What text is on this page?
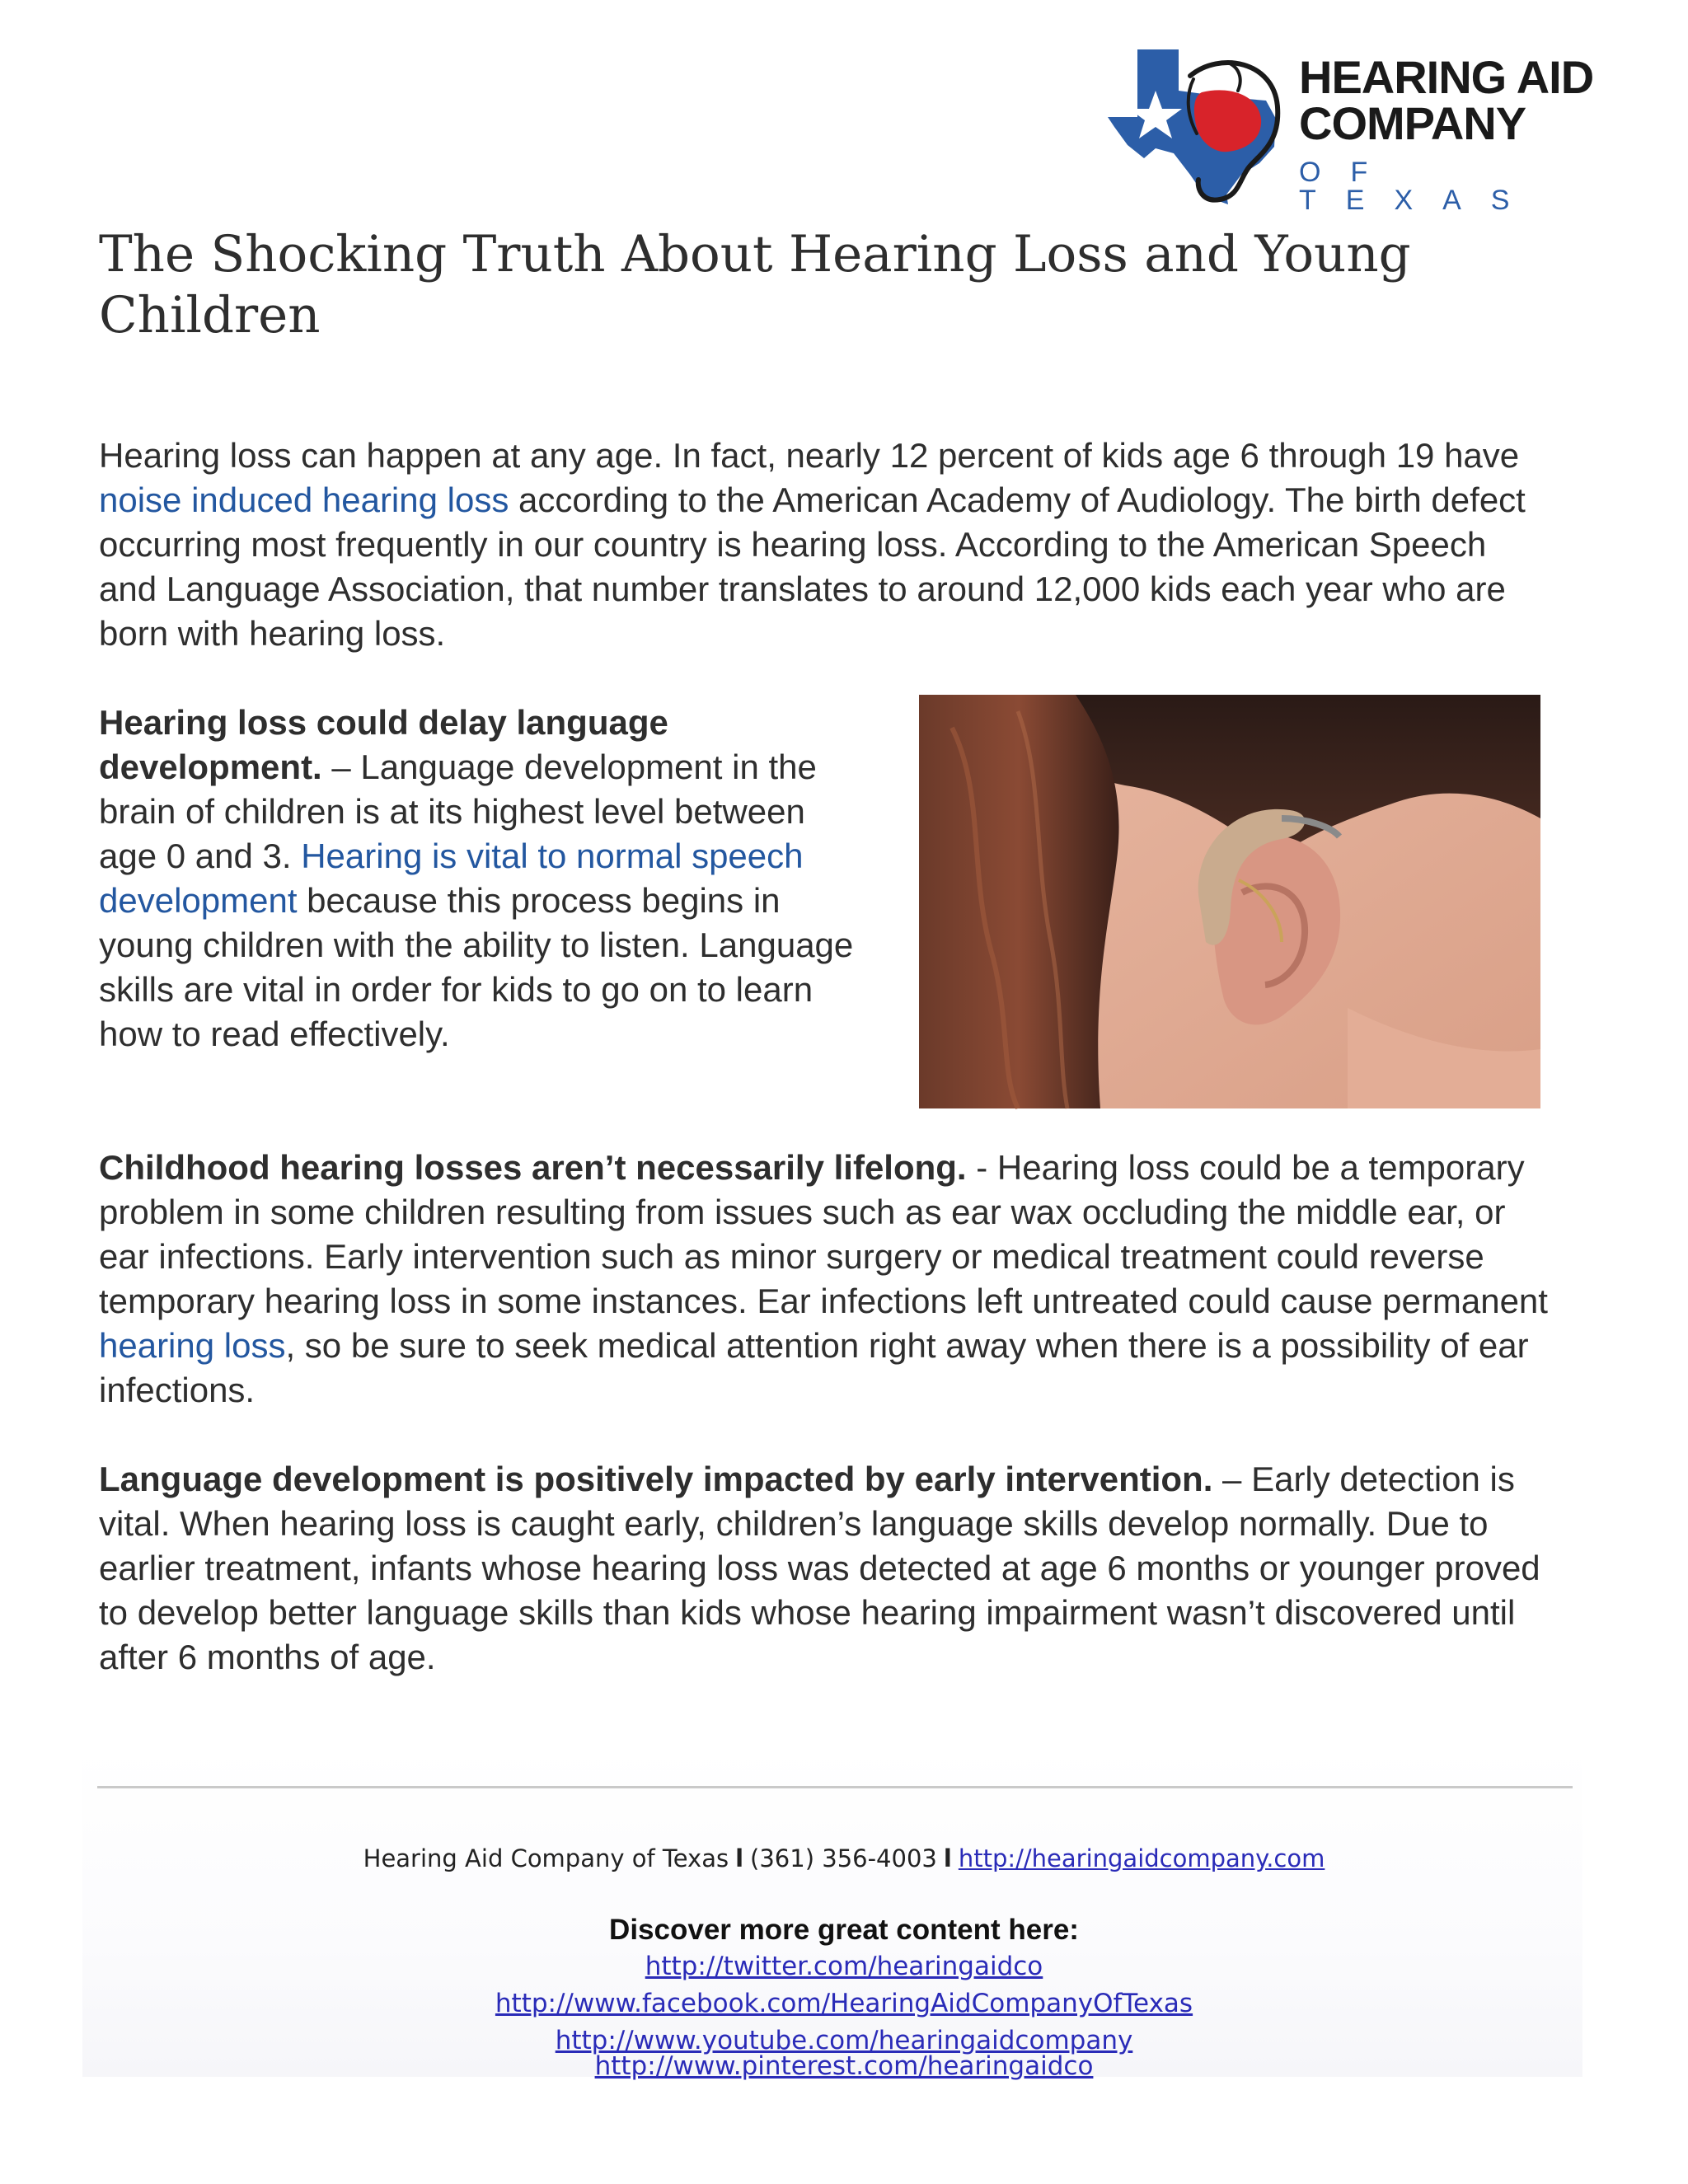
HEARING AID
COMPANY
OF TEXAS
The Shocking Truth About Hearing Loss and Young Children

Hearing loss can happen at any age. In fact, nearly 12 percent of kids age 6 through 19 have noise induced hearing loss according to the American Academy of Audiology. The birth defect occurring most frequently in our country is hearing loss. According to the American Speech and Language Association, that number translates to around 12,000 kids each year who are born with hearing loss.

Hearing loss could delay language development. – Language development in the brain of children is at its highest level between age 0 and 3. Hearing is vital to normal speech development because this process begins in young children with the ability to listen. Language skills are vital in order for kids to go on to learn how to read effectively.

Childhood hearing losses aren’t necessarily lifelong. - Hearing loss could be a temporary problem in some children resulting from issues such as ear wax occluding the middle ear, or ear infections. Early intervention such as minor surgery or medical treatment could reverse temporary hearing loss in some instances. Ear infections left untreated could cause permanent hearing loss, so be sure to seek medical attention right away when there is a possibility of ear infections.

Language development is positively impacted by early intervention. – Early detection is vital. When hearing loss is caught early, children’s language skills develop normally. Due to earlier treatment, infants whose hearing loss was detected at age 6 months or younger proved to develop better language skills than kids whose hearing impairment wasn’t discovered until after 6 months of age.

Hearing Aid Company of Texas l (361) 356-4003 l http://hearingaidcompany.com
Discover more great content here:
http://twitter.com/hearingaidco
http://www.facebook.com/HearingAidCompanyOfTexas
http://www.youtube.com/hearingaidcompany
http://www.pinterest.com/hearingaidco
